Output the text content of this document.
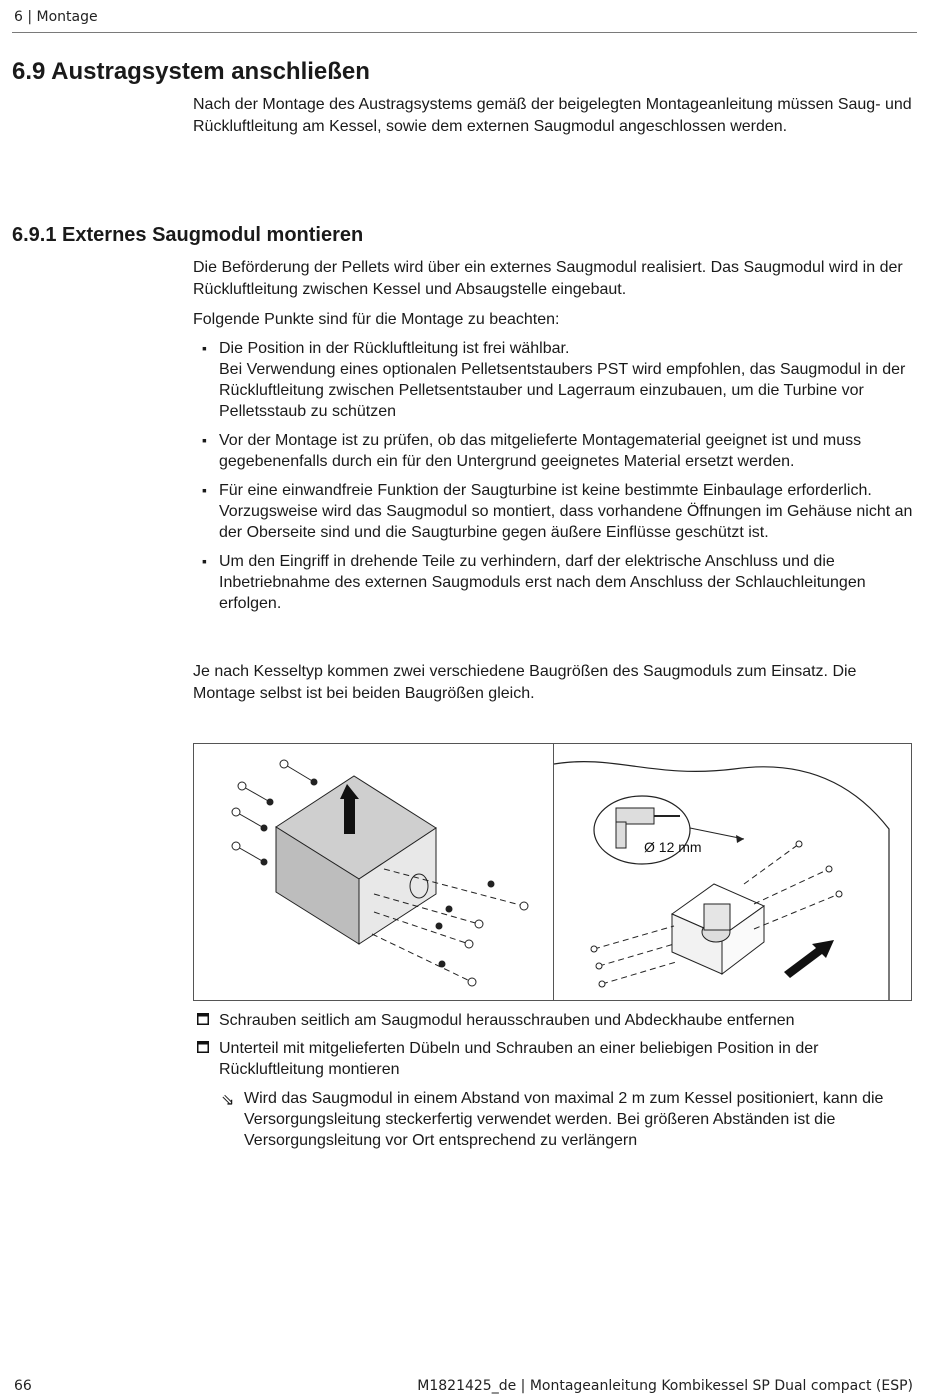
6 | Montage
6.9 Austragsystem anschließen

Nach der Montage des Austragsystems gemäß der beigelegten Montageanleitung müssen Saug- und Rückluftleitung am Kessel, sowie dem externen Saugmodul angeschlossen werden.

6.9.1 Externes Saugmodul montieren

Die Beförderung der Pellets wird über ein externes Saugmodul realisiert. Das Saugmodul wird in der Rückluftleitung zwischen Kessel und Absaugstelle eingebaut.

Folgende Punkte sind für die Montage zu beachten:

▪ Die Position in der Rückluftleitung ist frei wählbar.
Bei Verwendung eines optionalen Pelletsentstaubers PST wird empfohlen, das Saugmodul in der Rückluftleitung zwischen Pelletsentstauber und Lagerraum einzubauen, um die Turbine vor Pelletsstaub zu schützen
▪ Vor der Montage ist zu prüfen, ob das mitgelieferte Montagematerial geeignet ist und muss gegebenenfalls durch ein für den Untergrund geeignetes Material ersetzt werden.
▪ Für eine einwandfreie Funktion der Saugturbine ist keine bestimmte Einbaulage erforderlich. Vorzugsweise wird das Saugmodul so montiert, dass vorhandene Öffnungen im Gehäuse nicht an der Oberseite sind und die Saugturbine gegen äußere Einflüsse geschützt ist.
▪ Um den Eingriff in drehende Teile zu verhindern, darf der elektrische Anschluss und die Inbetriebnahme des externen Saugmoduls erst nach dem Anschluss der Schlauchleitungen erfolgen.

Je nach Kesseltyp kommen zwei verschiedene Baugrößen des Saugmoduls zum Einsatz. Die Montage selbst ist bei beiden Baugrößen gleich.

Ø 12 mm
Schrauben seitlich am Saugmodul herausschrauben und Abdeckhaube entfernen
Unterteil mit mitgelieferten Dübeln und Schrauben an einer beliebigen Position in der Rückluftleitung montieren
⇘ Wird das Saugmodul in einem Abstand von maximal 2 m zum Kessel positioniert, kann die Versorgungsleitung steckerfertig verwendet werden. Bei größeren Abständen ist die Versorgungsleitung vor Ort entsprechend zu verlängern
66	M1821425_de | Montageanleitung Kombikessel SP Dual compact (ESP)
